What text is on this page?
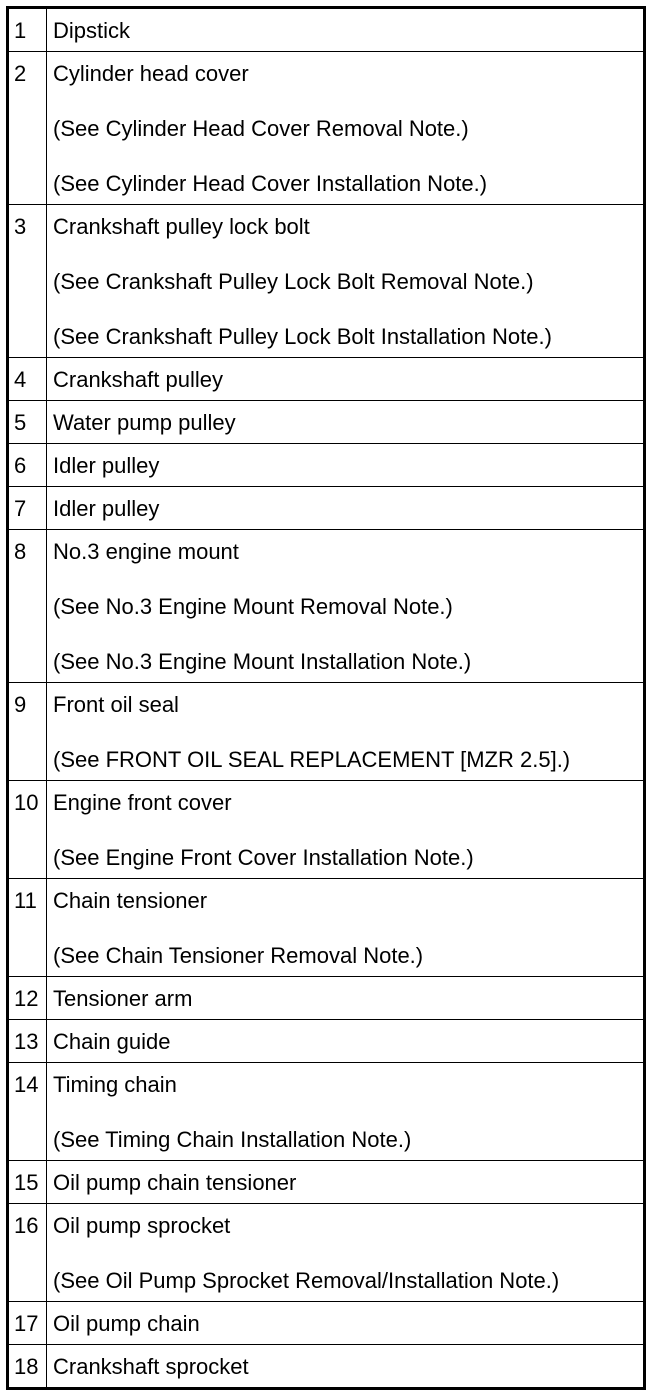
1	Dipstick

2	Cylinder head cover
(See Cylinder Head Cover Removal Note.)
(See Cylinder Head Cover Installation Note.)

3	Crankshaft pulley lock bolt
(See Crankshaft Pulley Lock Bolt Removal Note.)
(See Crankshaft Pulley Lock Bolt Installation Note.)

4	Crankshaft pulley

5	Water pump pulley

6	Idler pulley

7	Idler pulley

8	No.3 engine mount
(See No.3 Engine Mount Removal Note.)
(See No.3 Engine Mount Installation Note.)

9	Front oil seal
(See FRONT OIL SEAL REPLACEMENT [MZR 2.5].)

10	Engine front cover
(See Engine Front Cover Installation Note.)

11	Chain tensioner
(See Chain Tensioner Removal Note.)

12	Tensioner arm

13	Chain guide

14	Timing chain
(See Timing Chain Installation Note.)

15	Oil pump chain tensioner

16	Oil pump sprocket
(See Oil Pump Sprocket Removal/Installation Note.)

17	Oil pump chain

18	Crankshaft sprocket
